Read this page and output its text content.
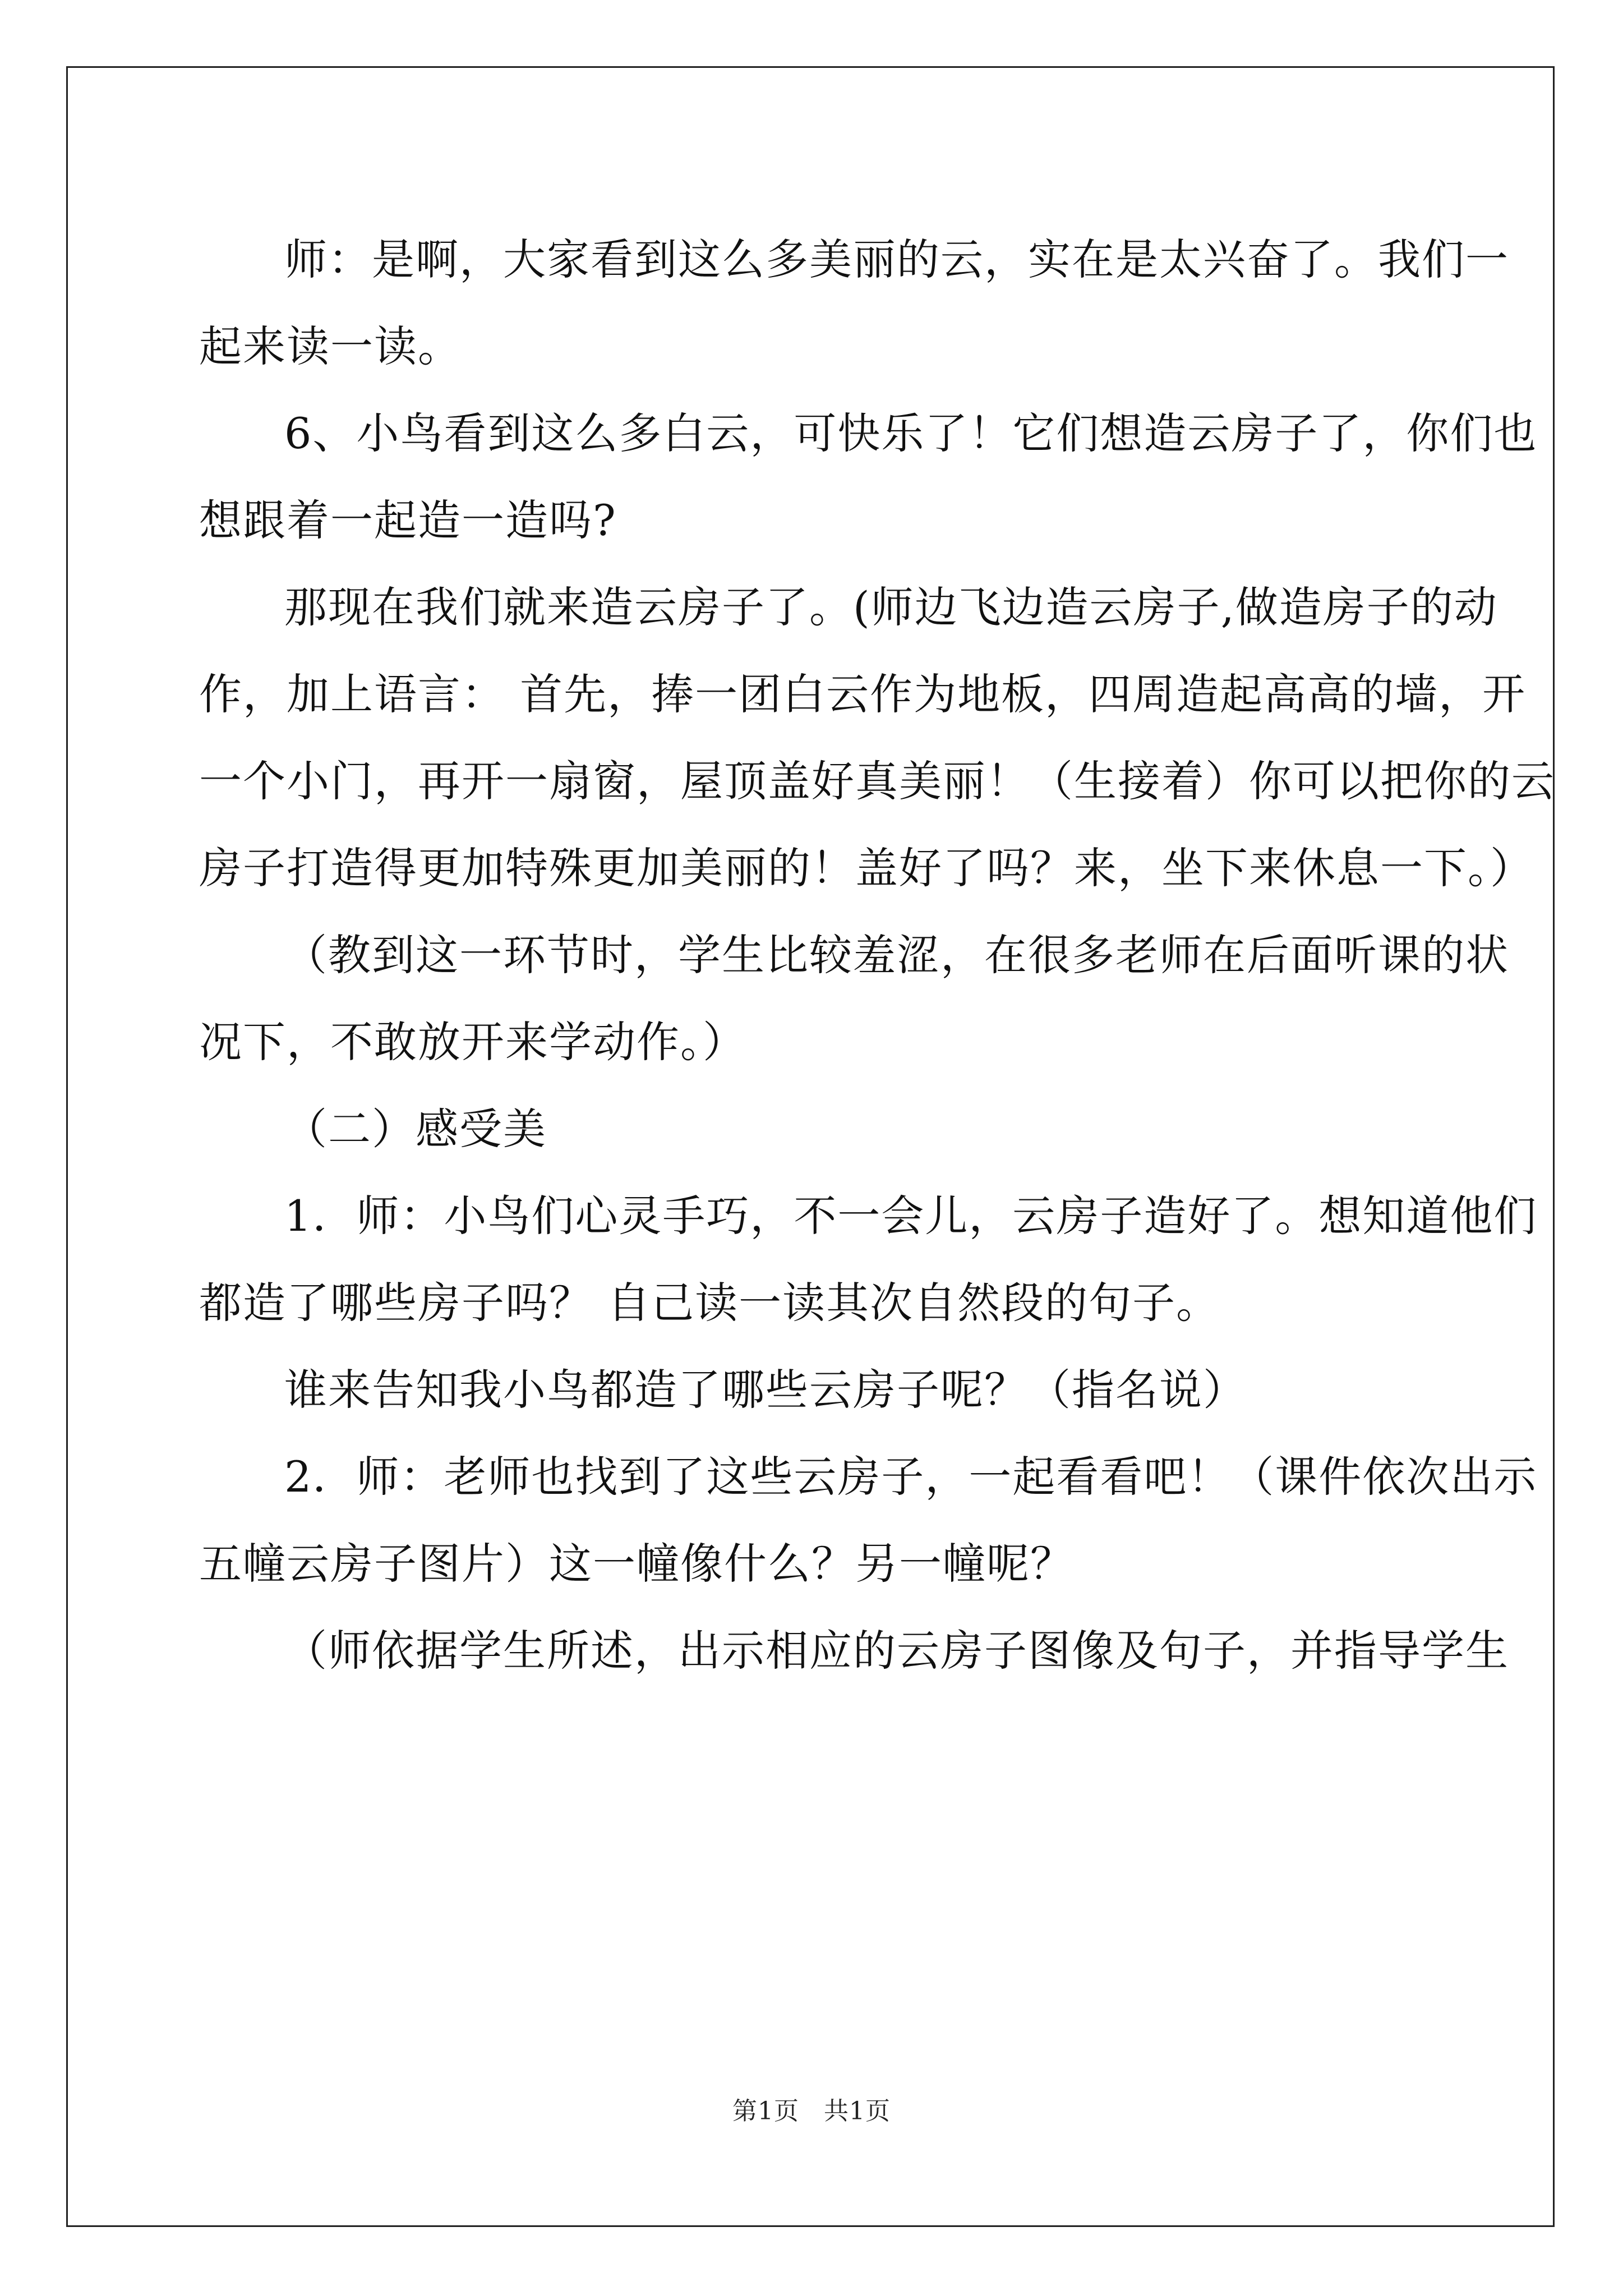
师：是啊，大家看到这么多美丽的云，实在是太兴奋了。我们一

起来读一读。

6、小鸟看到这么多白云，可快乐了！它们想造云房子了，你们也

想跟着一起造一造吗?

那现在我们就来造云房子了。(师边飞边造云房子,做造房子的动

作，加上语言： 首先，捧一团白云作为地板，四周造起高高的墙，开

一个小门，再开一扇窗，屋顶盖好真美丽！（生接着）你可以把你的云

房子打造得更加特殊更加美丽的！盖好了吗？来，坐下来休息一下。）

（教到这一环节时，学生比较羞涩，在很多老师在后面听课的状

况下，不敢放开来学动作。）

（二）感受美

1．师：小鸟们心灵手巧，不一会儿，云房子造好了。想知道他们

都造了哪些房子吗？ 自己读一读其次自然段的句子。

谁来告知我小鸟都造了哪些云房子呢？（指名说）

2．师：老师也找到了这些云房子，一起看看吧！（课件依次出示

五幢云房子图片）这一幢像什么？另一幢呢？

（师依据学生所述，出示相应的云房子图像及句子，并指导学生

第1页 共1页
